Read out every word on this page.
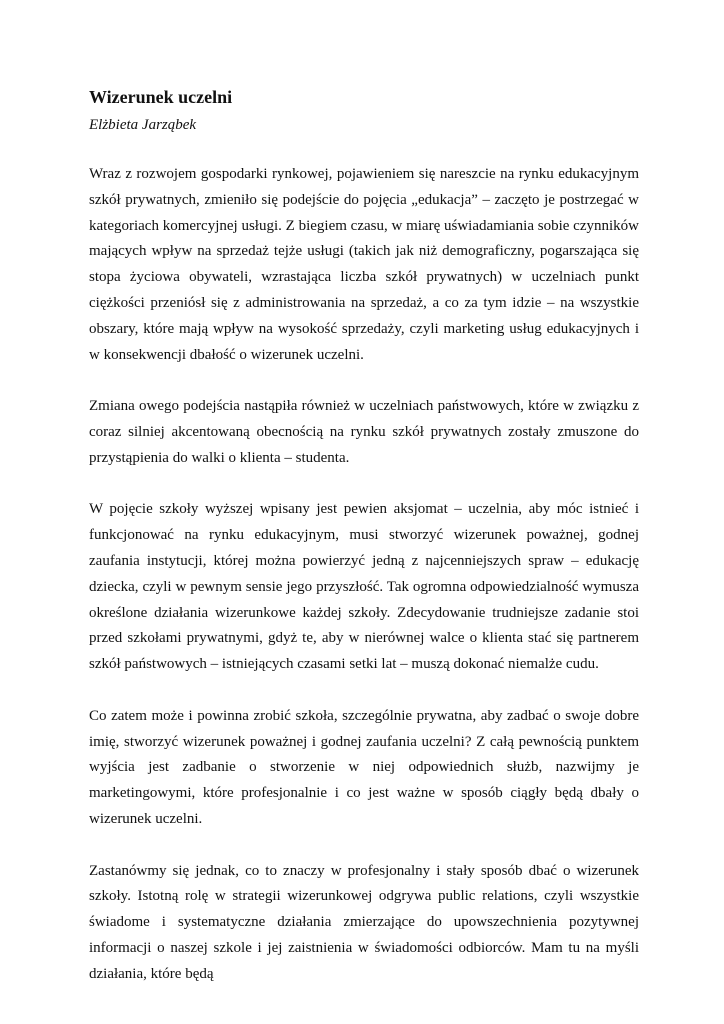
Wizerunek uczelni

Elżbieta Jarząbek

Wraz z rozwojem gospodarki rynkowej, pojawieniem się nareszcie na rynku edukacyjnym szkół prywatnych, zmieniło się podejście do pojęcia „edukacja” – zaczęto je postrzegać w kategoriach komercyjnej usługi. Z biegiem czasu, w miarę uświadamiania sobie czynników mających wpływ na sprzedaż tejże usługi (takich jak niż demograficzny, pogarszająca się stopa życiowa obywateli, wzrastająca liczba szkół prywatnych) w uczelniach punkt ciężkości przeniósł się z administrowania na sprzedaż, a co za tym idzie – na wszystkie obszary, które mają wpływ na wysokość sprzedaży, czyli marketing usług edukacyjnych i w konsekwencji dbałość o wizerunek uczelni.

Zmiana owego podejścia nastąpiła również w uczelniach państwowych, które w związku z coraz silniej akcentowaną obecnością na rynku szkół prywatnych zostały zmuszone do przystąpienia do walki o klienta – studenta.

W pojęcie szkoły wyższej wpisany jest pewien aksjomat – uczelnia, aby móc istnieć i funkcjonować na rynku edukacyjnym, musi stworzyć wizerunek poważnej, godnej zaufania instytucji, której można powierzyć jedną z najcenniejszych spraw – edukację dziecka, czyli w pewnym sensie jego przyszłość. Tak ogromna odpowiedzialność wymusza określone działania wizerunkowe każdej szkoły. Zdecydowanie trudniejsze zadanie stoi przed szkołami prywatnymi, gdyż te, aby w nierównej walce o klienta stać się partnerem szkół państwowych – istniejących czasami setki lat – muszą dokonać niemalże cudu.

Co zatem może i powinna zrobić szkoła, szczególnie prywatna, aby zadbać o swoje dobre imię, stworzyć wizerunek poważnej i godnej zaufania uczelni? Z całą pewnością punktem wyjścia jest zadbanie o stworzenie w niej odpowiednich służb, nazwijmy je marketingowymi, które profesjonalnie i co jest ważne w sposób ciągły będą dbały o wizerunek uczelni.

Zastanówmy się jednak, co to znaczy w profesjonalny i stały sposób dbać o wizerunek szkoły. Istotną rolę w strategii wizerunkowej odgrywa public relations, czyli wszystkie świadome i systematyczne działania zmierzające do upowszechnienia pozytywnej informacji o naszej szkole i jej zaistnienia w świadomości odbiorców. Mam tu na myśli działania, które będą
